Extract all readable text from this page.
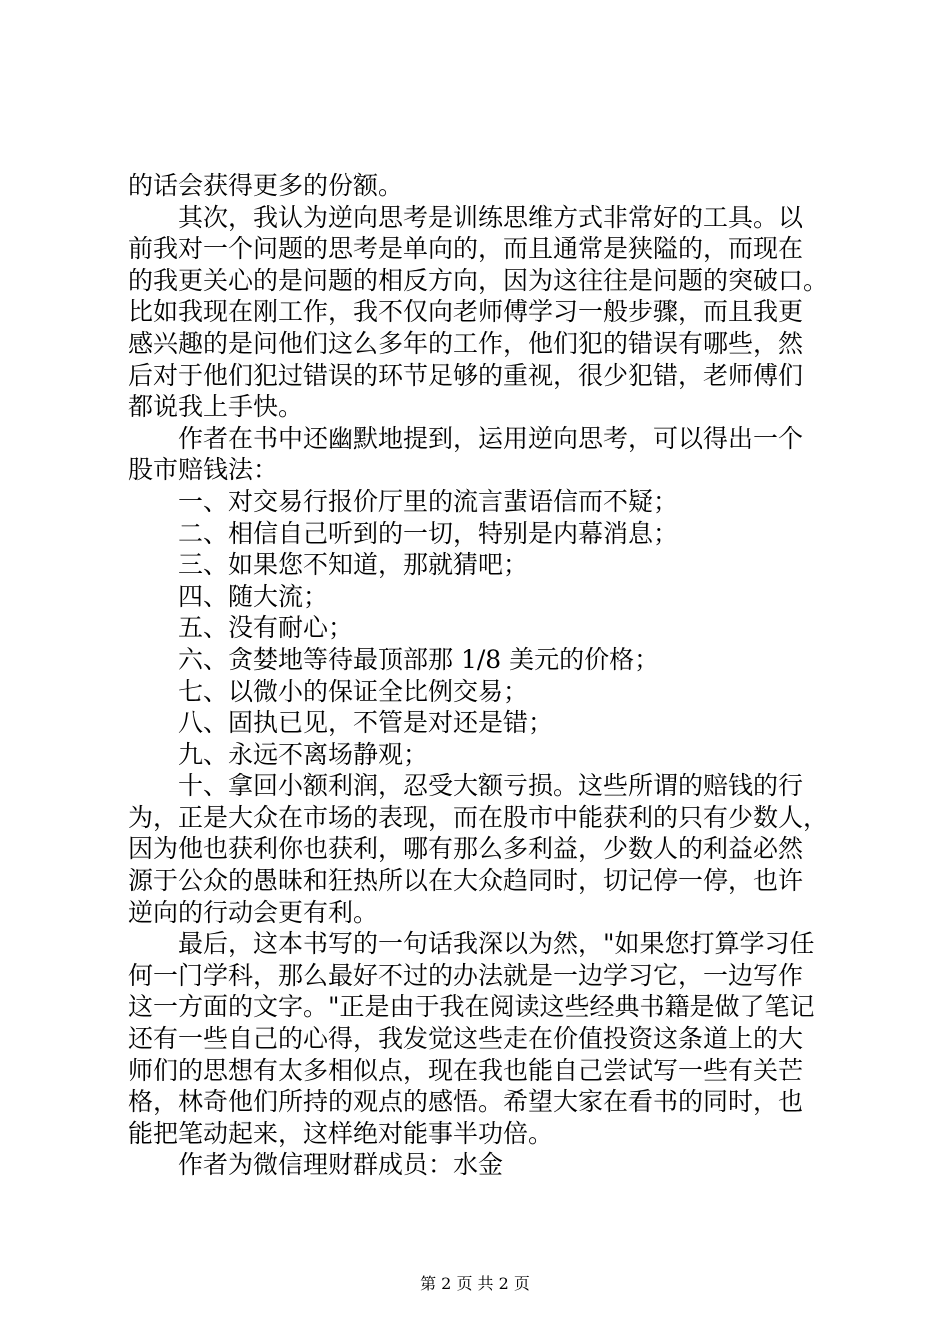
的话会获得更多的份额。
其次，我认为逆向思考是训练思维方式非常好的工具。以
前我对一个问题的思考是单向的，而且通常是狭隘的，而现在
的我更关心的是问题的相反方向，因为这往往是问题的突破口。
比如我现在刚工作，我不仅向老师傅学习一般步骤，而且我更
感兴趣的是问他们这么多年的工作，他们犯的错误有哪些，然
后对于他们犯过错误的环节足够的重视，很少犯错，老师傅们
都说我上手快。
作者在书中还幽默地提到，运用逆向思考，可以得出一个
股市赔钱法：
一、对交易行报价厅里的流言蜚语信而不疑；
二、相信自己听到的一切，特别是内幕消息；
三、如果您不知道，那就猜吧；
四、随大流；
五、没有耐心；
六、贪婪地等待最顶部那 1/8 美元的价格；
七、以微小的保证全比例交易；
八、固执已见，不管是对还是错；
九、永远不离场静观；
十、拿回小额利润，忍受大额亏损。这些所谓的赔钱的行
为，正是大众在市场的表现，而在股市中能获利的只有少数人，
因为他也获利你也获利，哪有那么多利益，少数人的利益必然
源于公众的愚昧和狂热所以在大众趋同时，切记停一停，也许
逆向的行动会更有利。
最后，这本书写的一句话我深以为然，"如果您打算学习任
何一门学科，那么最好不过的办法就是一边学习它，一边写作
这一方面的文字。"正是由于我在阅读这些经典书籍是做了笔记
还有一些自己的心得，我发觉这些走在价值投资这条道上的大
师们的思想有太多相似点，现在我也能自己尝试写一些有关芒
格，林奇他们所持的观点的感悟。希望大家在看书的同时，也
能把笔动起来，这样绝对能事半功倍。
作者为微信理财群成员：水金
第 2 页 共 2 页
